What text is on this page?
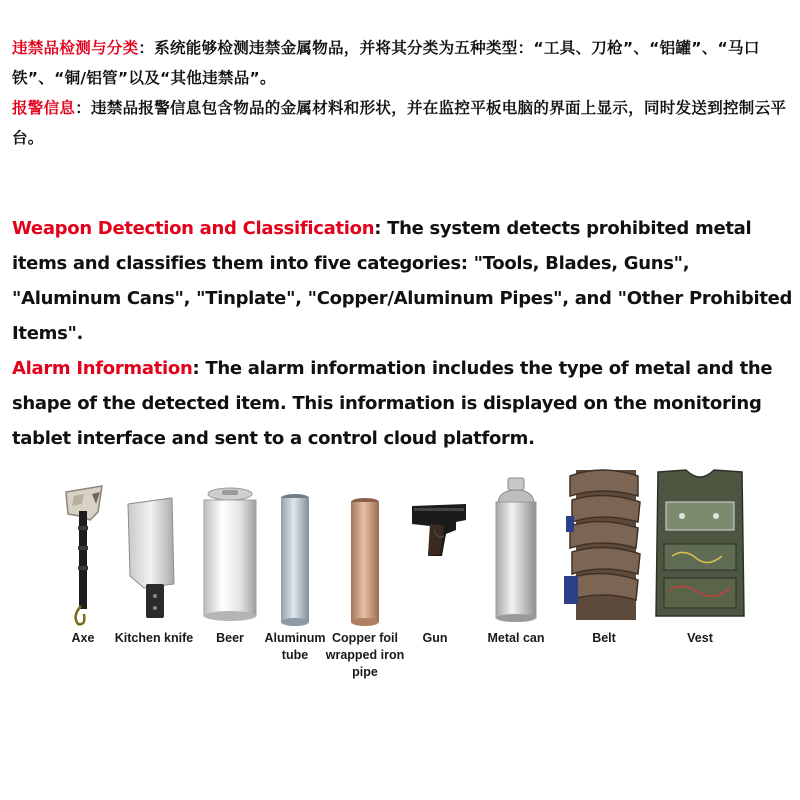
违禁品检测与分类：系统能够检测违禁金属物品，并将其分类为五种类型：“工具、刀枪”、“铝罐”、“马口铁”、“铜/铝管”以及“其他违禁品”。

报警信息：违禁品报警信息包含物品的金属材料和形状，并在监控平板电脑的界面上显示，同时发送到控制云平台。

Weapon Detection and Classification: The system detects prohibited metal items and classifies them into five categories: "Tools, Blades, Guns", "Aluminum Cans", "Tinplate", "Copper/Aluminum Pipes", and "Other Prohibited Items".

Alarm Information: The alarm information includes the type of metal and the shape of the detected item. This information is displayed on the monitoring tablet interface and sent to a control cloud platform.

Axe	Kitchen knife	Beer	Aluminum tube
Copper foil wrapped iron pipe
Gun	Metal can	Belt	Vest
